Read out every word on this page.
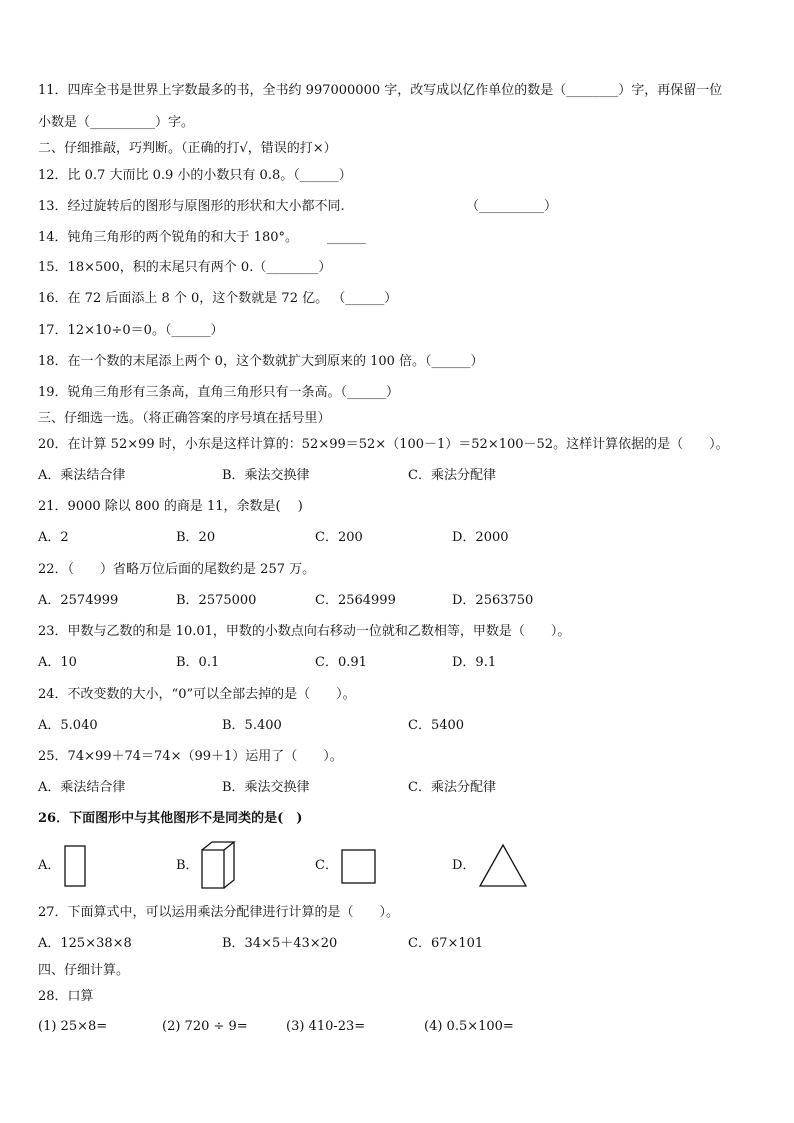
11．四库全书是世界上字数最多的书，全书约 997000000 字，改写成以亿作单位的数是（________）字，再保留一位
小数是（__________）字。
二、仔细推敲，巧判断。（正确的打√，错误的打×）
12．比 0.7 大而比 0.9 小的小数只有 0.8。（______）
13．经过旋转后的图形与原图形的形状和大小都不同.	（__________）
14．钝角三角形的两个锐角的和大于 180°。 ______
15．18×500，积的末尾只有两个 0.（________）
16．在 72 后面添上 8 个 0，这个数就是 72 亿。 （______）
17．12×10÷0＝0。（______）
18．在一个数的末尾添上两个 0，这个数就扩大到原来的 100 倍。（______）
19．锐角三角形有三条高，直角三角形只有一条高。（______）
三、仔细选一选。（将正确答案的序号填在括号里）
20．在计算 52×99 时，小东是这样计算的：52×99＝52×（100－1）＝52×100－52。这样计算依据的是（　　）。
A．乘法结合律	B．乘法交换律	C．乘法分配律
21．9000 除以 800 的商是 11，余数是(　 )
A．2	B．20	C．200	D．2000
22．（　　）省略万位后面的尾数约是 257 万。
A．2574999	B．2575000	C．2564999	D．2563750
23．甲数与乙数的和是 10.01，甲数的小数点向右移动一位就和乙数相等，甲数是（　　）。
A．10	B．0.1	C．0.91	D．9.1
24．不改变数的大小，“0”可以全部去掉的是（　　）。
A．5.040	B．5.400	C．5400
25．74×99＋74＝74×（99＋1）运用了（　　）。
A．乘法结合律	B．乘法交换律	C．乘法分配律
26．下面图形中与其他图形不是同类的是(　)
A．	B．	C．	D．
27．下面算式中，可以运用乘法分配律进行计算的是（　　）。
A．125×38×8	B．34×5＋43×20	C．67×101
四、仔细计算。
28．口算
(1) 25×8=	(2) 720 ÷ 9=	(3) 410-23=	(4) 0.5×100=
